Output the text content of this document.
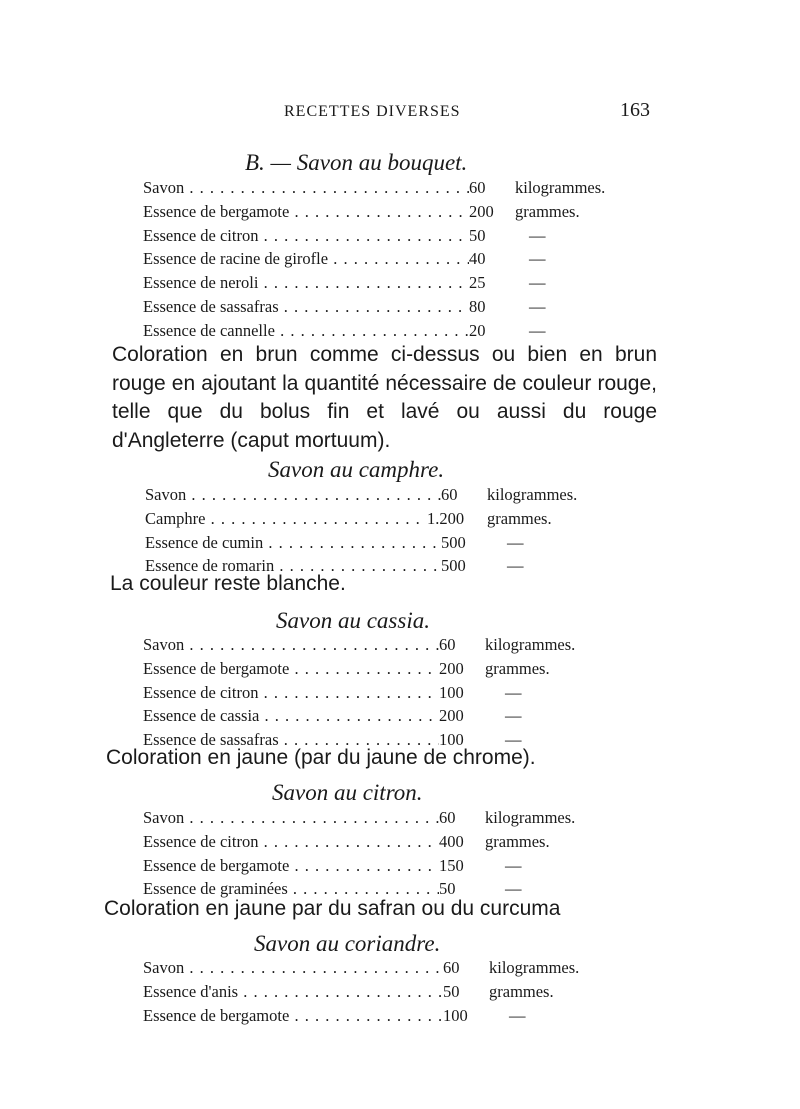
RECETTES DIVERSES	163
B. — Savon au bouquet.
Savon . . .	60	kilogrammes.
Essence de bergamote . . .	200	grammes.
Essence de citron . . .	50	—
Essence de racine de girofle . . .	40	—
Essence de neroli . . .	25	—
Essence de sassafras . . .	80	—
Essence de cannelle . . .	20	—
Coloration en brun comme ci-dessus ou bien en brun rouge en ajoutant la quantité nécessaire de couleur rouge, telle que du bolus fin et lavé ou aussi du rouge d'Angleterre (caput mortuum).
Savon au camphre.
Savon . . .	60	kilogrammes.
Camphre . . .	1.200	grammes.
Essence de cumin . . .	500	—
Essence de romarin . . .	500	—
La couleur reste blanche.
Savon au cassia.
Savon . . .	60	kilogrammes.
Essence de bergamote . . .	200	grammes.
Essence de citron . . .	100	—
Essence de cassia . . .	200	—
Essence de sassafras . . .	100	—
Coloration en jaune (par du jaune de chrome).
Savon au citron.
Savon . . .	60	kilogrammes.
Essence de citron . . .	400	grammes.
Essence de bergamote . . .	150	—
Essence de graminées . . .	50	—
Coloration en jaune par du safran ou du curcuma
Savon au coriandre.
Savon . . .	60	kilogrammes.
Essence d'anis . . .	50	grammes.
Essence de bergamote . . .	100	—
